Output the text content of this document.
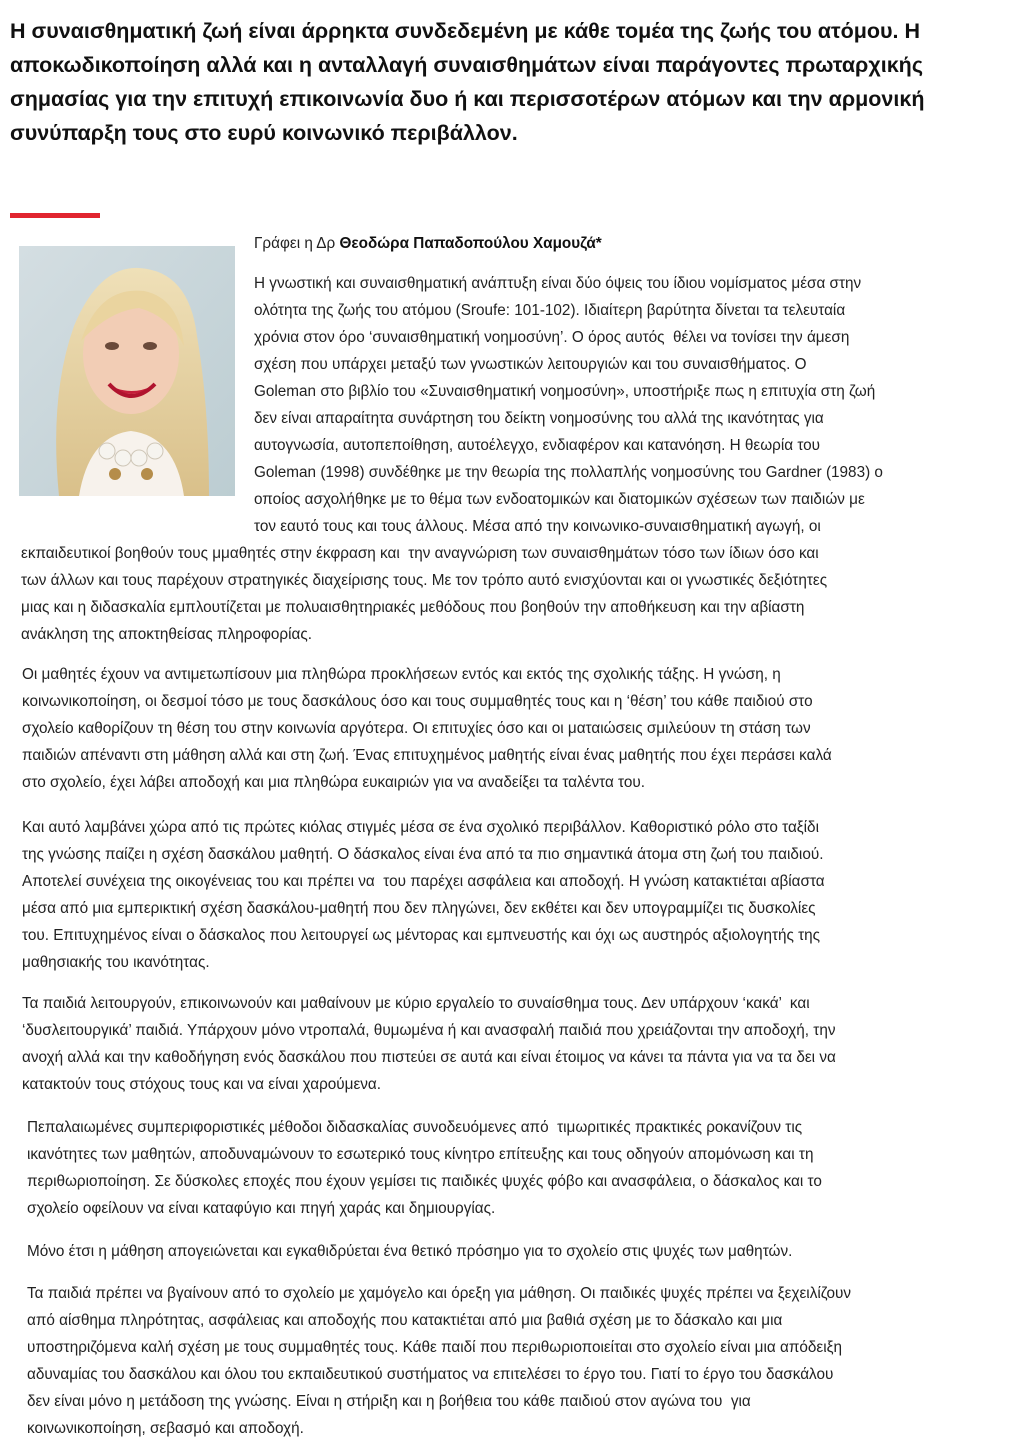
Η συναισθηματική ζωή είναι άρρηκτα συνδεδεμένη με κάθε τομέα της ζωής του ατόμου. Η αποκωδικοποίηση αλλά και η ανταλλαγή συναισθημάτων είναι παράγοντες πρωταρχικής σημασίας για την επιτυχή επικοινωνία δυο ή και περισσοτέρων ατόμων και την αρμονική συνύπαρξη τους στο ευρύ κοινωνικό περιβάλλον.

Γράφει η Δρ Θεοδώρα Παπαδοπούλου Χαμουζά*

Η γνωστική και συναισθηματική ανάπτυξη είναι δύο όψεις του ίδιου νομίσματος μέσα στην
ολότητα της ζωής του ατόμου (Sroufe: 101-102). Ιδιαίτερη βαρύτητα δίνεται τα τελευταία
χρόνια στον όρο ‘συναισθηματική νοημοσύνη’. Ο όρος αυτός  θέλει να τονίσει την άμεση
σχέση που υπάρχει μεταξύ των γνωστικών λειτουργιών και του συναισθήματος. Ο
Goleman στο βιβλίο του «Συναισθηματική νοημοσύνη», υποστήριξε πως η επιτυχία στη ζωή
δεν είναι απαραίτητα συνάρτηση του δείκτη νοημοσύνης του αλλά της ικανότητας για
αυτογνωσία, αυτοπεποίθηση, αυτοέλεγχο, ενδιαφέρον και κατανόηση. Η θεωρία του
Goleman (1998) συνδέθηκε με την θεωρία της πολλαπλής νοημοσύνης του Gardner (1983) ο
οποίος ασχολήθηκε με το θέμα των ενδοατομικών και διατομικών σχέσεων των παιδιών με
τον εαυτό τους και τους άλλους. Μέσα από την κοινωνικο-συναισθηματική αγωγή, οι
εκπαιδευτικοί βοηθούν τους μμαθητές στην έκφραση και  την αναγνώριση των συναισθημάτων τόσο των ίδιων όσο και
των άλλων και τους παρέχουν στρατηγικές διαχείρισης τους. Με τον τρόπο αυτό ενισχύονται και οι γνωστικές δεξιότητες
μιας και η διδασκαλία εμπλουτίζεται με πολυαισθητηριακές μεθόδους που βοηθούν την αποθήκευση και την αβίαστη
ανάκληση της αποκτηθείσας πληροφορίας.
Οι μαθητές έχουν να αντιμετωπίσουν μια πληθώρα προκλήσεων εντός και εκτός της σχολικής τάξης. Η γνώση, η
κοινωνικοποίηση, οι δεσμοί τόσο με τους δασκάλους όσο και τους συμμαθητές τους και η ‘θέση’ του κάθε παιδιού στο
σχολείο καθορίζουν τη θέση του στην κοινωνία αργότερα. Οι επιτυχίες όσο και οι ματαιώσεις σμιλεύουν τη στάση των
παιδιών απέναντι στη μάθηση αλλά και στη ζωή. Ένας επιτυχημένος μαθητής είναι ένας μαθητής που έχει περάσει καλά
στο σχολείο, έχει λάβει αποδοχή και μια πληθώρα ευκαιριών για να αναδείξει τα ταλέντα του.
Και αυτό λαμβάνει χώρα από τις πρώτες κιόλας στιγμές μέσα σε ένα σχολικό περιβάλλον. Καθοριστικό ρόλο στο ταξίδι
της γνώσης παίζει η σχέση δασκάλου μαθητή. Ο δάσκαλος είναι ένα από τα πιο σημαντικά άτομα στη ζωή του παιδιού.
Αποτελεί συνέχεια της οικογένειας του και πρέπει να  του παρέχει ασφάλεια και αποδοχή. Η γνώση κατακτιέται αβίαστα
μέσα από μια εμπερικτική σχέση δασκάλου-μαθητή που δεν πληγώνει, δεν εκθέτει και δεν υπογραμμίζει τις δυσκολίες
του. Επιτυχημένος είναι ο δάσκαλος που λειτουργεί ως μέντορας και εμπνευστής και όχι ως αυστηρός αξιολογητής της
μαθησιακής του ικανότητας.
Τα παιδιά λειτουργούν, επικοινωνούν και μαθαίνουν με κύριο εργαλείο το συναίσθημα τους. Δεν υπάρχουν ‘κακά’  και
‘δυσλειτουργικά’ παιδιά. Υπάρχουν μόνο ντροπαλά, θυμωμένα ή και ανασφαλή παιδιά που χρειάζονται την αποδοχή, την
ανοχή αλλά και την καθοδήγηση ενός δασκάλου που πιστεύει σε αυτά και είναι έτοιμος να κάνει τα πάντα για να τα δει να
κατακτούν τους στόχους τους και να είναι χαρούμενα.
Πεπαλαιωμένες συμπεριφοριστικές μέθοδοι διδασκαλίας συνοδευόμενες από  τιμωριτικές πρακτικές ροκανίζουν τις
ικανότητες των μαθητών, αποδυναμώνουν το εσωτερικό τους κίνητρο επίτευξης και τους οδηγούν απομόνωση και τη
περιθωριοποίηση. Σε δύσκολες εποχές που έχουν γεμίσει τις παιδικές ψυχές φόβο και ανασφάλεια, ο δάσκαλος και το
σχολείο οφείλουν να είναι καταφύγιο και πηγή χαράς και δημιουργίας.
Μόνο έτσι η μάθηση απογειώνεται και εγκαθιδρύεται ένα θετικό πρόσημο για το σχολείο στις ψυχές των μαθητών.
Τα παιδιά πρέπει να βγαίνουν από το σχολείο με χαμόγελο και όρεξη για μάθηση. Οι παιδικές ψυχές πρέπει να ξεχειλίζουν
από αίσθημα πληρότητας, ασφάλειας και αποδοχής που κατακτιέται από μια βαθιά σχέση με το δάσκαλο και μια
υποστηριζόμενα καλή σχέση με τους συμμαθητές τους. Κάθε παιδί που περιθωριοποιείται στο σχολείο είναι μια απόδειξη
αδυναμίας του δασκάλου και όλου του εκπαιδευτικού συστήματος να επιτελέσει το έργο του. Γιατί το έργο του δασκάλου
δεν είναι μόνο η μετάδοση της γνώσης. Είναι η στήριξη και η βοήθεια του κάθε παιδιού στον αγώνα του  για
κοινωνικοποίηση, σεβασμό και αποδοχή.
